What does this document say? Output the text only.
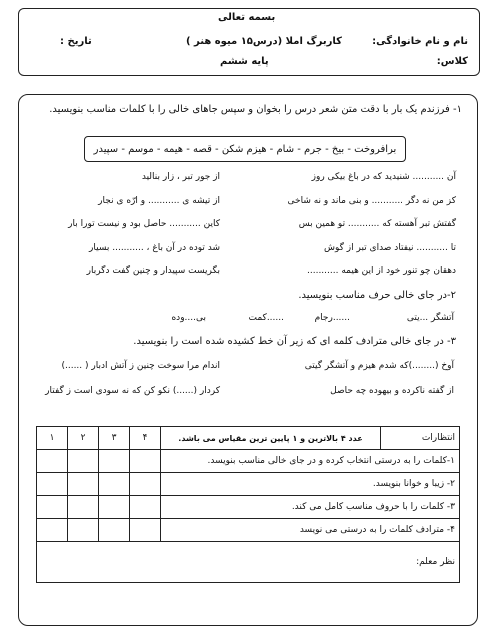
بسمه تعالی
نام و نام خانوادگی:
کاربرگ املا (درس۱۵ میوه هنر )
تاریخ :
کلاس:
پایه ششم
۱- فرزندم یک بار با دقت متن شعر درس را بخوان و سپس جاهای خالی را با کلمات مناسب بنویسید.
برافروخت - بیخ - جرم - شام - هیزم شکن - قصه - هیمه - موسم - سپیدر
آن ........... شنیدید که در باغ بیکی روز
از جور تبر ، زار بنالید
کز من نه دگر ........... و بنی ماند و نه شاخی
از تیشه ی ........... و ارّه ی نجار
گفتش تبر آهسته که ........... تو همین بس
کاین ........... حاصل بود و نیست تورا بار
تا ........... نیفتاد صدای تبر از گوش
شد توده در آن باغ ، ........... بسیار
دهقان چو تنور خود از این هیمه ...........
بگریست سپیدار و چنین گفت دگربار
۲-در جای خالی حرف مناسب بنویسید.
آتشگر ...یتی
......رجام
......کمت
بی....وده
۳- در جای خالی مترادف کلمه ای که زیر آن خط کشیده شده است را بنویسید.
آوخ (........)که شدم هیزم و آتشگر گیتی
اندام مرا سوخت چنین ز آتش ادبار ( ......)
از گفته ناکرده و بیهوده چه حاصل
کردار (......) نکو کن که نه سودی است ز گفتار
انتظارات	عدد ۴ بالاترین و ۱ پایین ترین مقیاس می باشد.	۴	۳	۲	۱
۱-کلمات را به درستی انتخاب کرده و در جای خالی مناسب بنویسد.					
۲- زیبا و خوانا بنویسد.					
۳- کلمات را با حروف مناسب کامل می کند.					
۴- مترادف کلمات را به درستی می نویسد					
نظر معلم:					
